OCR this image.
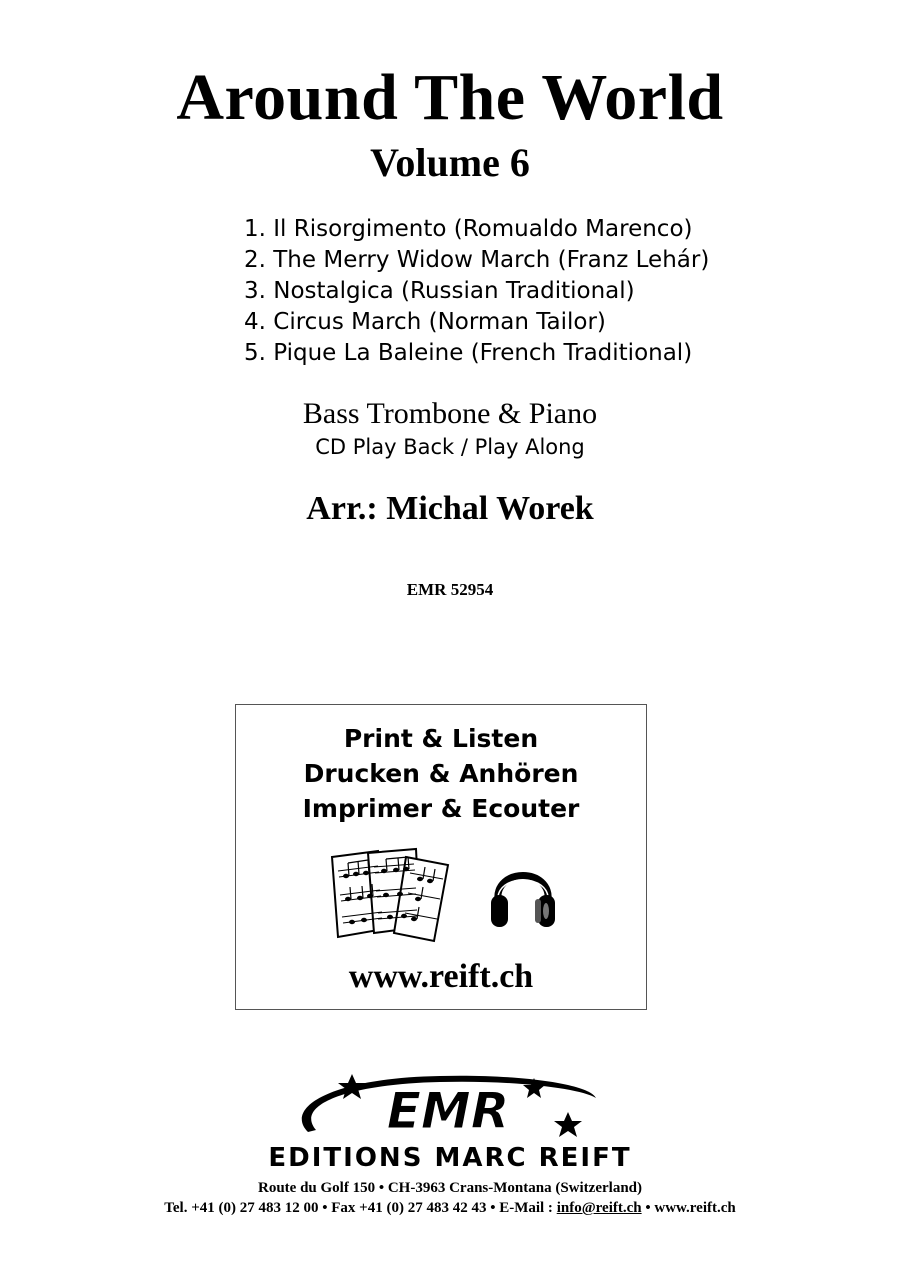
Around The World
Volume 6
1. Il Risorgimento (Romualdo Marenco)
2. The Merry Widow March (Franz Lehár)
3. Nostalgica (Russian Traditional)
4. Circus March (Norman Tailor)
5. Pique La Baleine (French Traditional)
Bass Trombone & Piano
CD Play Back / Play Along
Arr.: Michal Worek
EMR 52954
Print & Listen
Drucken & Anhören
Imprimer & Ecouter
www.reift.ch
EMR
EDITIONS MARC REIFT
Route du Golf 150 • CH-3963 Crans-Montana (Switzerland)
Tel. +41 (0) 27 483 12 00 • Fax +41 (0) 27 483 42 43 • E-Mail : info@reift.ch • www.reift.ch
